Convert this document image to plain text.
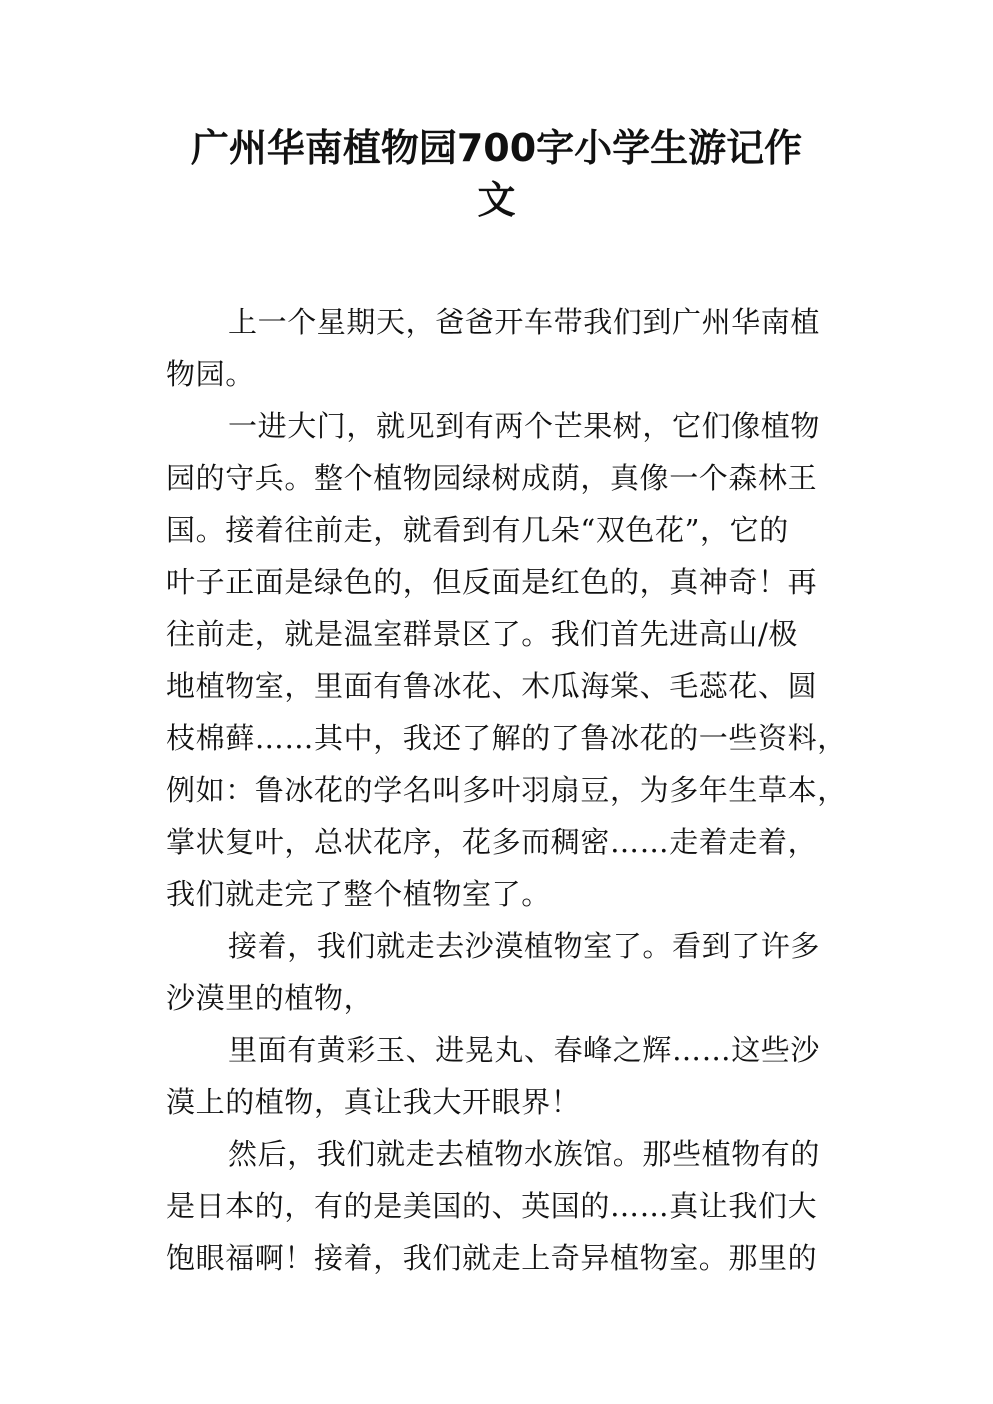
广州华南植物园700字小学生游记作
文
上一个星期天，爸爸开车带我们到广州华南植
物园。
一进大门，就见到有两个芒果树，它们像植物
园的守兵。整个植物园绿树成荫，真像一个森林王
国。接着往前走，就看到有几朵“双色花”，它的
叶子正面是绿色的，但反面是红色的，真神奇！再
往前走，就是温室群景区了。我们首先进高山/极
地植物室，里面有鲁冰花、木瓜海棠、毛蕊花、圆
枝棉藓……其中，我还了解的了鲁冰花的一些资料，
例如：鲁冰花的学名叫多叶羽扇豆，为多年生草本，
掌状复叶，总状花序，花多而稠密……走着走着，
我们就走完了整个植物室了。
接着，我们就走去沙漠植物室了。看到了许多
沙漠里的植物，
里面有黄彩玉、进晃丸、春峰之辉……这些沙
漠上的植物，真让我大开眼界！
然后，我们就走去植物水族馆。那些植物有的
是日本的，有的是美国的、英国的……真让我们大
饱眼福啊！接着，我们就走上奇异植物室。那里的
